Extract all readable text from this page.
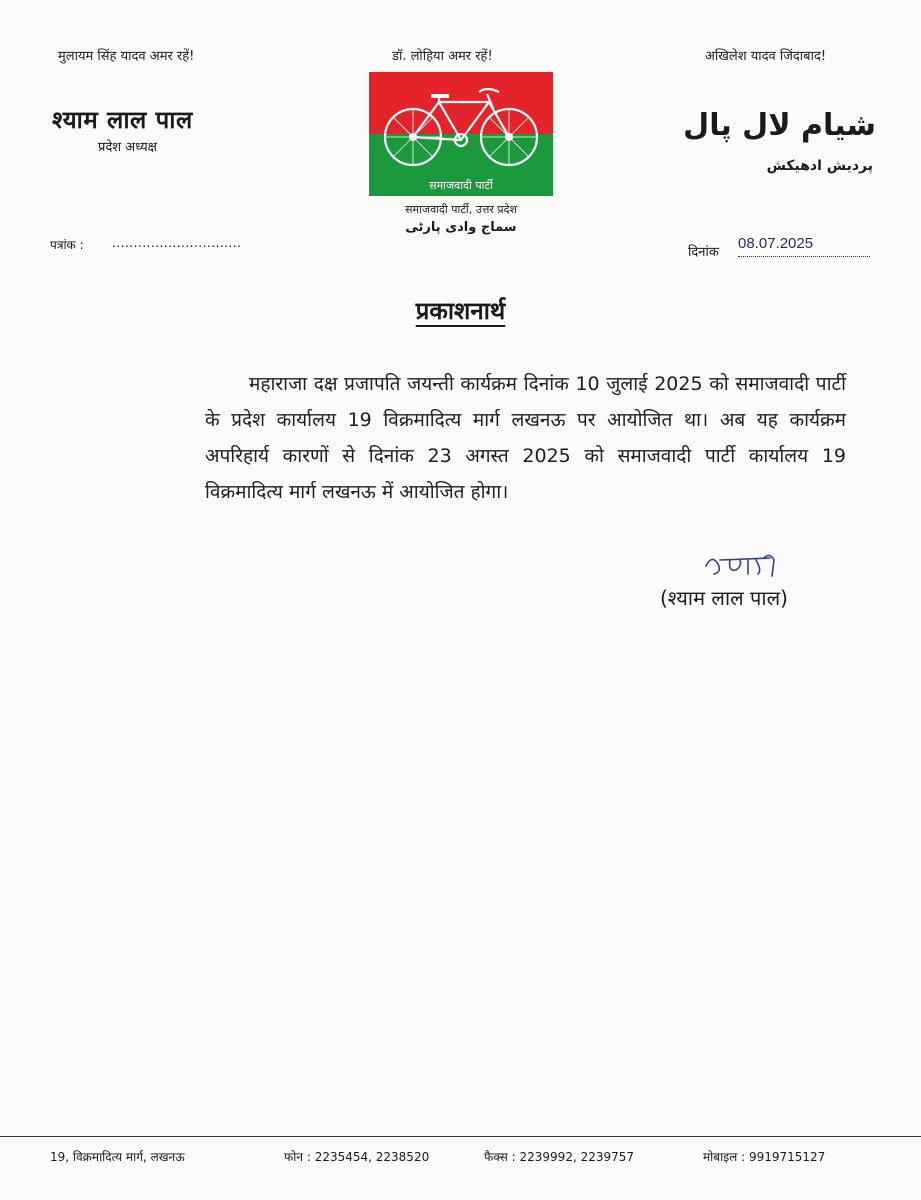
मुलायम सिंह यादव अमर रहें!	डॉ. लोहिया अमर रहें!	अखिलेश यादव जिंदाबाद!
श्याम लाल पाल
प्रदेश अध्यक्ष
شیام لال پال
پردیش ادھیکش
समाजवादी पार्टी
समाजवादी पार्टी, उत्तर प्रदेश
سماج وادی پارٹی
पत्रांक : ..............................
दिनांक
08.07.2025
प्रकाशनार्थ
महाराजा दक्ष प्रजापति जयन्ती कार्यक्रम दिनांक 10 जुलाई 2025 को समाजवादी पार्टी के प्रदेश कार्यालय 19 विक्रमादित्य मार्ग लखनऊ पर आयोजित था। अब यह कार्यक्रम अपरिहार्य कारणों से दिनांक 23 अगस्त 2025 को समाजवादी पार्टी कार्यालय 19 विक्रमादित्य मार्ग लखनऊ में आयोजित होगा।
(श्याम लाल पाल)
19, विक्रमादित्य मार्ग, लखनऊ	फोन : 2235454, 2238520	फैक्स : 2239992, 2239757	मोबाइल : 9919715127
